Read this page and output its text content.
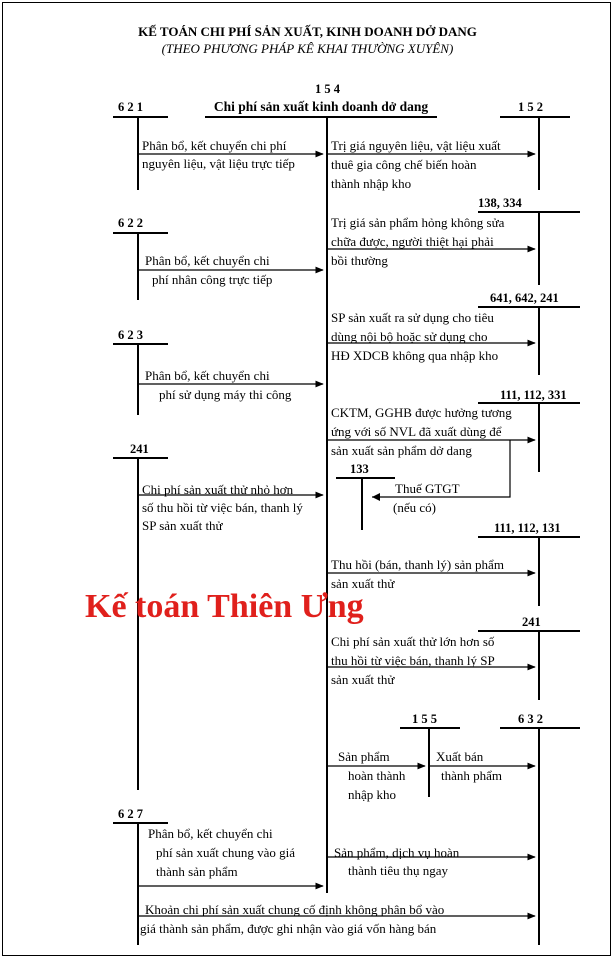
KẾ TOÁN CHI PHÍ SẢN XUẤT, KINH DOANH DỞ DANG
(THEO PHƯƠNG PHÁP KÊ KHAI THƯỜNG XUYÊN)
1 5 4
Chi phí sản xuất kinh doanh dở dang
6 2 1
6 2 2
6 2 3
241
6 2 7
1 5 2
138, 334
641, 642, 241
111, 112, 331
133
111, 112, 131
241
1 5 5	6 3 2
Phân bổ, kết chuyển chi phí
nguyên liệu, vật liệu trực tiếp
Phân bổ, kết chuyển chi
phí nhân công trực tiếp
Phân bổ, kết chuyển chi
phí sử dụng máy thi công
Chi phí sản xuất thử nhỏ hơn
số thu hồi từ việc bán, thanh lý
SP sản xuất thử
Phân bổ, kết chuyển chi
phí sản xuất chung vào giá
thành sản phẩm
Trị giá nguyên liệu, vật liệu xuất
thuê gia công chế biến hoàn
thành nhập kho
Trị giá sản phẩm hỏng không sửa
chữa được, người thiệt hại phải
bồi thường
SP sản xuất ra sử dụng cho tiêu
dùng nội bộ hoặc sử dụng cho
HĐ XDCB không qua nhập kho
CKTM, GGHB được hưởng tương
ứng với số NVL đã xuất dùng để
sản xuất sản phẩm dở dang
Thuế GTGT
(nếu có)
Thu hồi (bán, thanh lý) sản phẩm
sản xuất thử
Chi phí sản xuất thử lớn hơn số
thu hồi từ việc bán, thanh lý SP
sản xuất thử
Sản phẩm
hoàn thành
nhập kho
Xuất bán
thành phẩm
Sản phẩm, dịch vụ hoàn
thành tiêu thụ ngay
Khoản chi phí sản xuất chung cố định không phân bổ vào
giá thành sản phẩm, được ghi nhận vào giá vốn hàng bán
Kế toán Thiên Ưng
